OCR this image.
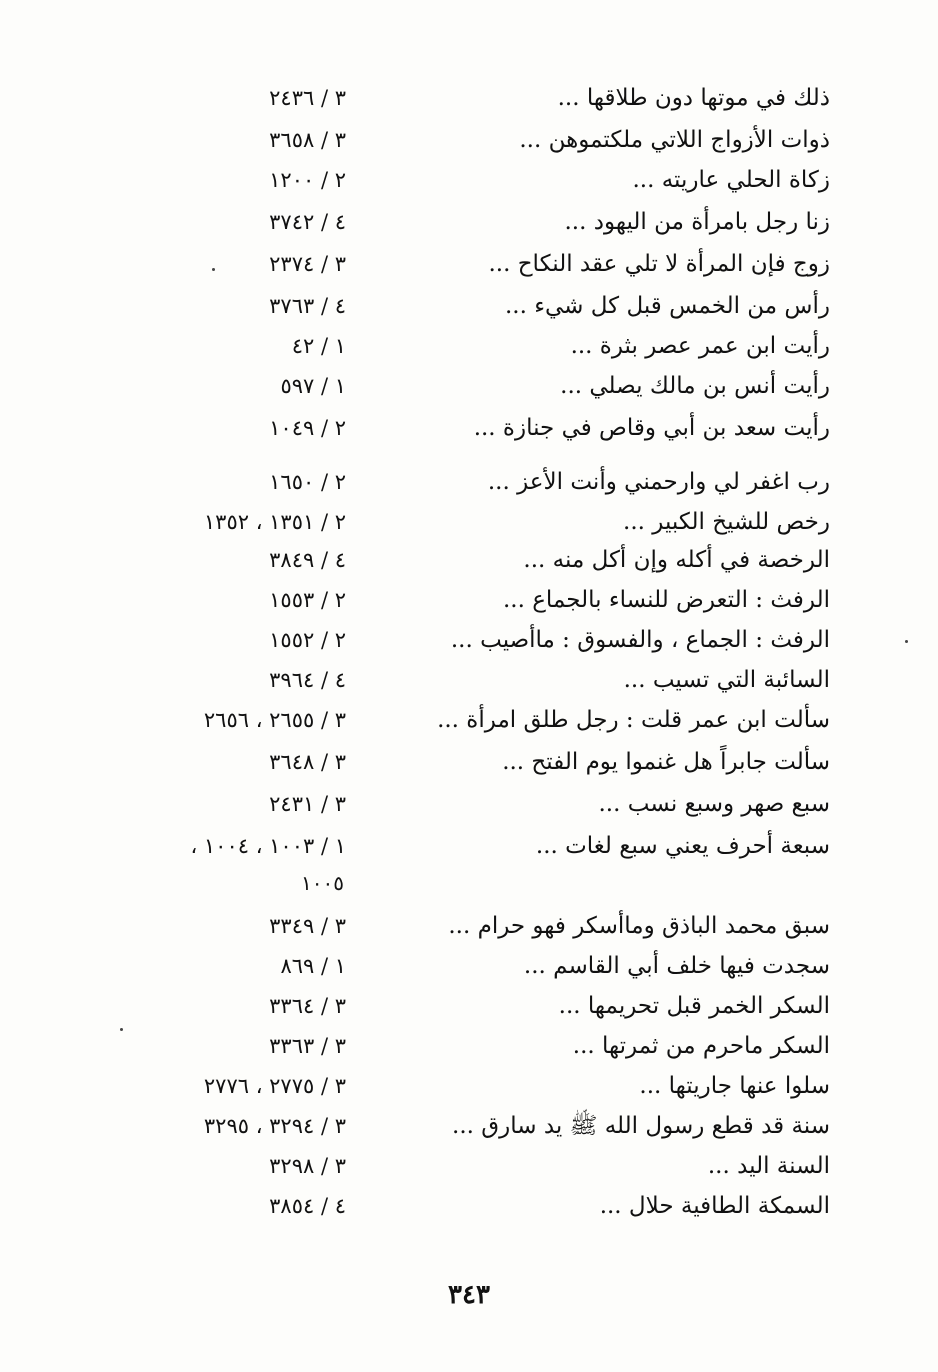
٣٤٣
ذلك في موتها دون طلاقها ...
٣ / ٢٤٣٦
ذوات الأزواج اللاتي ملكتموهن ...
٣ / ٣٦٥٨
زكاة الحلي عاريته ...
٢ / ١٢٠٠
زنا رجل بامرأة من اليهود ...
٤ / ٣٧٤٢
زوج فإن المرأة لا تلي عقد النكاح ...
٣ / ٢٣٧٤
رأس من الخمس قبل كل شيء ...
٤ / ٣٧٦٣
رأيت ابن عمر عصر بثرة ...
١ / ٤٢
رأيت أنس بن مالك يصلي ...
١ / ٥٩٧
رأيت سعد بن أبي وقاص في جنازة ...
٢ / ١٠٤٩
رب اغفر لي وارحمني وأنت الأعز ...
٢ / ١٦٥٠
رخص للشيخ الكبير ...
٢ / ١٣٥١ ، ١٣٥٢
الرخصة في أكله وإن أكل منه ...
٤ / ٣٨٤٩
الرفث : التعرض للنساء بالجماع ...
٢ / ١٥٥٣
الرفث : الجماع ، والفسوق : ماأصيب ...
٢ / ١٥٥٢
السائبة التي تسيب ...
٤ / ٣٩٦٤
سألت ابن عمر قلت : رجل طلق امرأة ...
٣ / ٢٦٥٥ ، ٢٦٥٦
سألت جابراً هل غنموا يوم الفتح ...
٣ / ٣٦٤٨
سبع صهر وسبع نسب ...
٣ / ٢٤٣١
سبعة أحرف يعني سبع لغات ...
١ / ١٠٠٣ ، ١٠٠٤ ،
١٠٠٥
سبق محمد الباذق وماأسكر فهو حرام ...
٣ / ٣٣٤٩
سجدت فيها خلف أبي القاسم ...
١ / ٨٦٩
السكر الخمر قبل تحريمها ...
٣ / ٣٣٦٤
السكر ماحرم من ثمرتها ...
٣ / ٣٣٦٣
سلوا عنها جاريتها ...
٣ / ٢٧٧٥ ، ٢٧٧٦
سنة قد قطع رسول الله ﷺ يد سارق ...
٣ / ٣٢٩٤ ، ٣٢٩٥
السنة اليد ...
٣ / ٣٢٩٨
السمكة الطافية حلال ...
٤ / ٣٨٥٤
